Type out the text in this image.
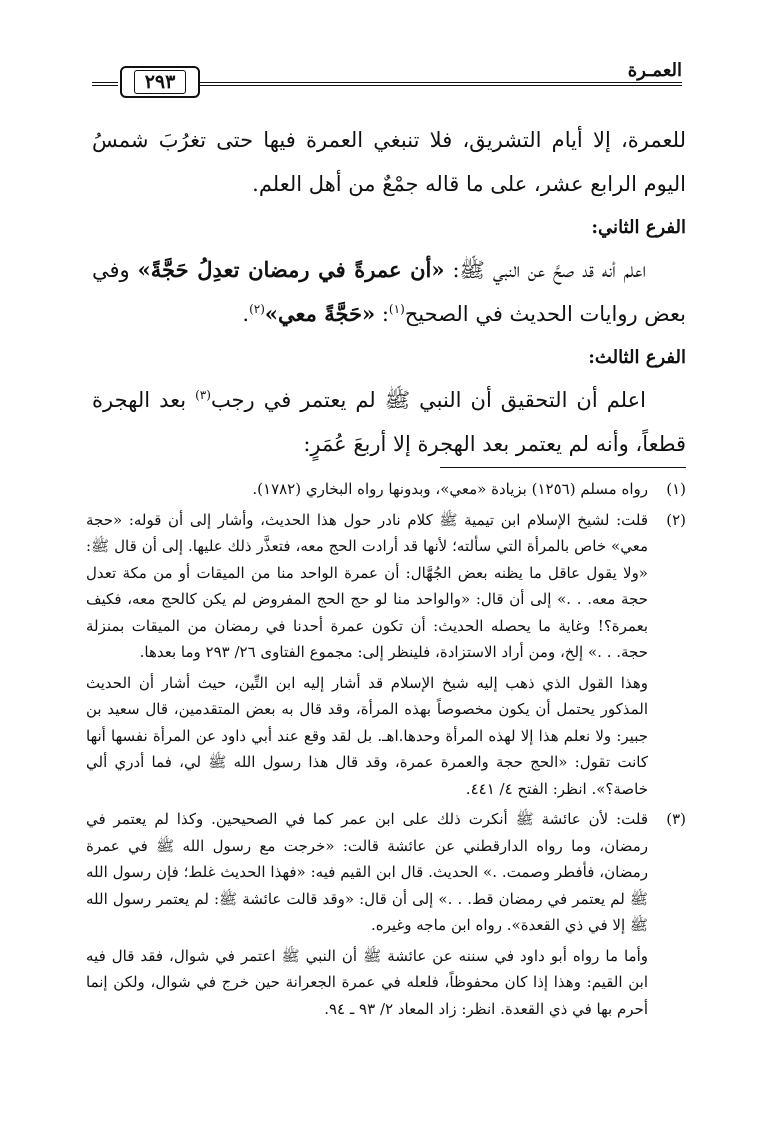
٢٩٣
العمـرة

للعمرة، إلا أيام التشريق، فلا تنبغي العمرة فيها حتى تغرُبَ شمسُ اليوم الرابع عشر، على ما قاله جمْعٌ من أهل العلم.

الفرع الثاني:

اعلم أنه قد صحَّ عن النبي ﷺ: «أن عمرةً في رمضان تعدِلُ حَجَّةً» وفي بعض روايات الحديث في الصحيح$^{(١)}$: «حَجَّةً معي»$^{(٢)}$.

الفرع الثالث:

اعلم أن التحقيق أن النبي ﷺ لم يعتمر في رجب$^{(٣)}$ بعد الهجرة قطعاً، وأنه لم يعتمر بعد الهجرة إلا أربعَ عُمَرٍ:

(١)

رواه مسلم (١٢٥٦) بزيادة «معي»، وبدونها رواه البخاري (١٧٨٢).

(٢)

قلت: لشيخ الإسلام ابن تيمية ﷺ كلام نادر حول هذا الحديث، وأشار إلى أن قوله: «حجة معي» خاص بالمرأة التي سألته؛ لأنها قد أرادت الحج معه، فتعذَّر ذلك عليها. إلى أن قال ﷺ: «ولا يقول عاقل ما يظنه بعض الجُهَّال: أن عمرة الواحد منا من الميقات أو من مكة تعدل حجة معه. . .» إلى أن قال: «والواحد منا لو حج الحج المفروض لم يكن كالحج معه، فكيف بعمرة؟! وغاية ما يحصله الحديث: أن تكون عمرة أحدنا في رمضان من الميقات بمنزلة حجة. . .» إلخ، ومن أراد الاستزادة، فلينظر إلى: مجموع الفتاوى ٢٦/ ٢٩٣ وما بعدها.

وهذا القول الذي ذهب إليه شيخ الإسلام قد أشار إليه ابن التِّين، حيث أشار أن الحديث المذكور يحتمل أن يكون مخصوصاً بهذه المرأة، وقد قال به بعض المتقدمين، قال سعيد بن جبير: ولا نعلم هذا إلا لهذه المرأة وحدها.اهـ. بل لقد وقع عند أبي داود عن المرأة نفسها أنها كانت تقول: «الحج حجة والعمرة عمرة، وقد قال هذا رسول الله ﷺ لي، فما أدري ألي خاصة؟». انظر: الفتح ٤/ ٤٤١.

(٣)

قلت: لأن عائشة ﷺ أنكرت ذلك على ابن عمر كما في الصحيحين. وكذا لم يعتمر في رمضان، وما رواه الدارقطني عن عائشة قالت: «خرجت مع رسول الله ﷺ في عمرة رمضان، فأفطر وصمت. .» الحديث. قال ابن القيم فيه: «فهذا الحديث غلط؛ فإن رسول الله ﷺ لم يعتمر في رمضان قط. . .» إلى أن قال: «وقد قالت عائشة ﷺ: لم يعتمر رسول الله ﷺ إلا في ذي القعدة». رواه ابن ماجه وغيره.

وأما ما رواه أبو داود في سننه عن عائشة ﷺ أن النبي ﷺ اعتمر في شوال، فقد قال فيه ابن القيم: وهذا إذا كان محفوظاً، فلعله في عمرة الجعرانة حين خرج في شوال، ولكن إنما أحرم بها في ذي القعدة. انظر: زاد المعاد ٢/ ٩٣ ـ ٩٤.
